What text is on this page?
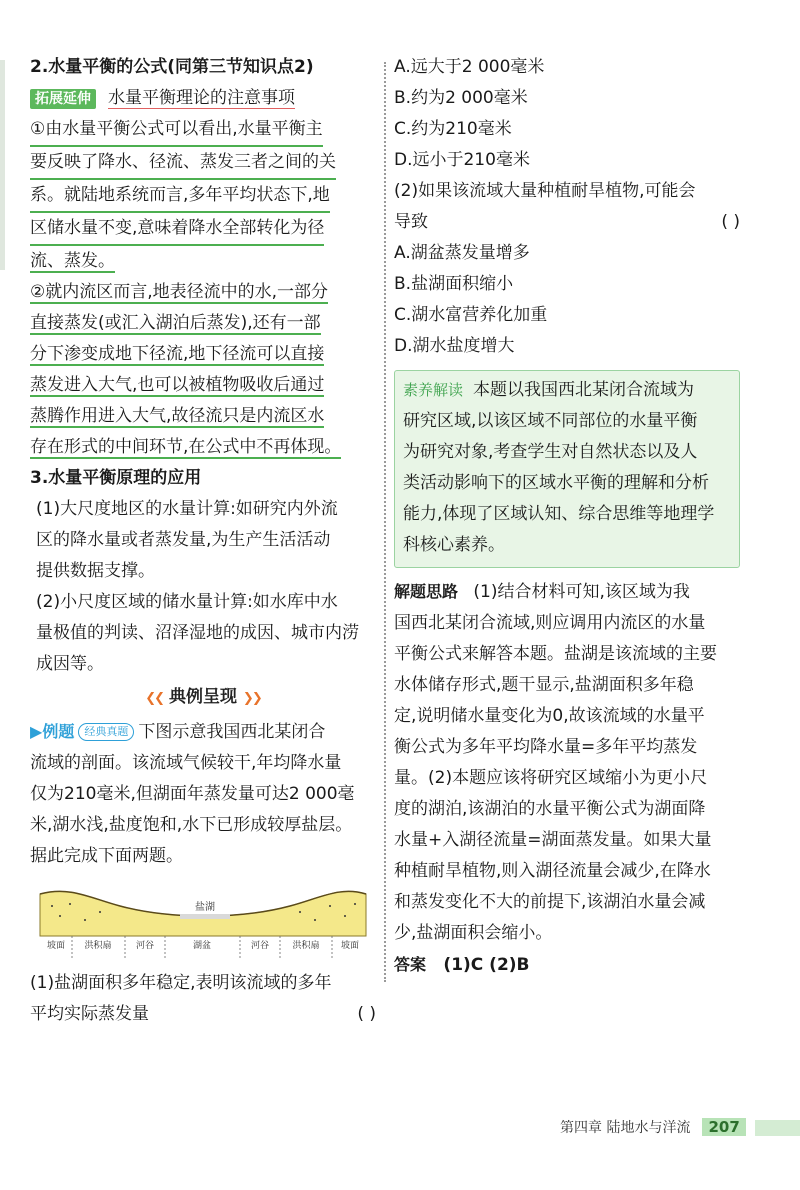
2.水量平衡的公式(同第三节知识点2)
拓展延伸 水量平衡理论的注意事项
①由水量平衡公式可以看出,水量平衡主
要反映了降水、径流、蒸发三者之间的关
系。就陆地系统而言,多年平均状态下,地
区储水量不变,意味着降水全部转化为径
流、蒸发。
②就内流区而言,地表径流中的水,一部分
直接蒸发(或汇入湖泊后蒸发),还有一部
分下渗变成地下径流,地下径流可以直接
蒸发进入大气,也可以被植物吸收后通过
蒸腾作用进入大气,故径流只是内流区水
存在形式的中间环节,在公式中不再体现。
3.水量平衡原理的应用
(1)大尺度地区的水量计算:如研究内外流
区的降水量或者蒸发量,为生产生活活动
提供数据支撑。
(2)小尺度区域的储水量计算:如水库中水
量极值的判读、沼泽湿地的成因、城市内涝
成因等。
❮❮ 典例呈现 ❯❯
▶例题 经典真题 下图示意我国西北某闭合
流域的剖面。该流域气候较干,年均降水量
仅为210毫米,但湖面年蒸发量可达2 000毫
米,湖水浅,盐度饱和,水下已形成较厚盐层。
据此完成下面两题。
盐湖
坡面 洪积扇	河谷	湖盆	河谷	洪积扇 坡面
(1)盐湖面积多年稳定,表明该流域的多年
平均实际蒸发量	( )
A.远大于2 000毫米
B.约为2 000毫米
C.约为210毫米
D.远小于210毫米
(2)如果该流域大量种植耐旱植物,可能会
导致	( )
A.湖盆蒸发量增多
B.盐湖面积缩小
C.湖水富营养化加重
D.湖水盐度增大
素养解读 本题以我国西北某闭合流域为
研究区域,以该区域不同部位的水量平衡
为研究对象,考查学生对自然状态以及人
类活动影响下的区域水平衡的理解和分析
能力,体现了区域认知、综合思维等地理学
科核心素养。
解题思路 (1)结合材料可知,该区域为我
国西北某闭合流域,则应调用内流区的水量
平衡公式来解答本题。盐湖是该流域的主要
水体储存形式,题干显示,盐湖面积多年稳
定,说明储水量变化为0,故该流域的水量平
衡公式为多年平均降水量=多年平均蒸发
量。(2)本题应该将研究区域缩小为更小尺
度的湖泊,该湖泊的水量平衡公式为湖面降
水量+入湖径流量=湖面蒸发量。如果大量
种植耐旱植物,则入湖径流量会减少,在降水
和蒸发变化不大的前提下,该湖泊水量会减
少,盐湖面积会缩小。
答案 (1)C (2)B
第四章 陆地水与洋流 207
